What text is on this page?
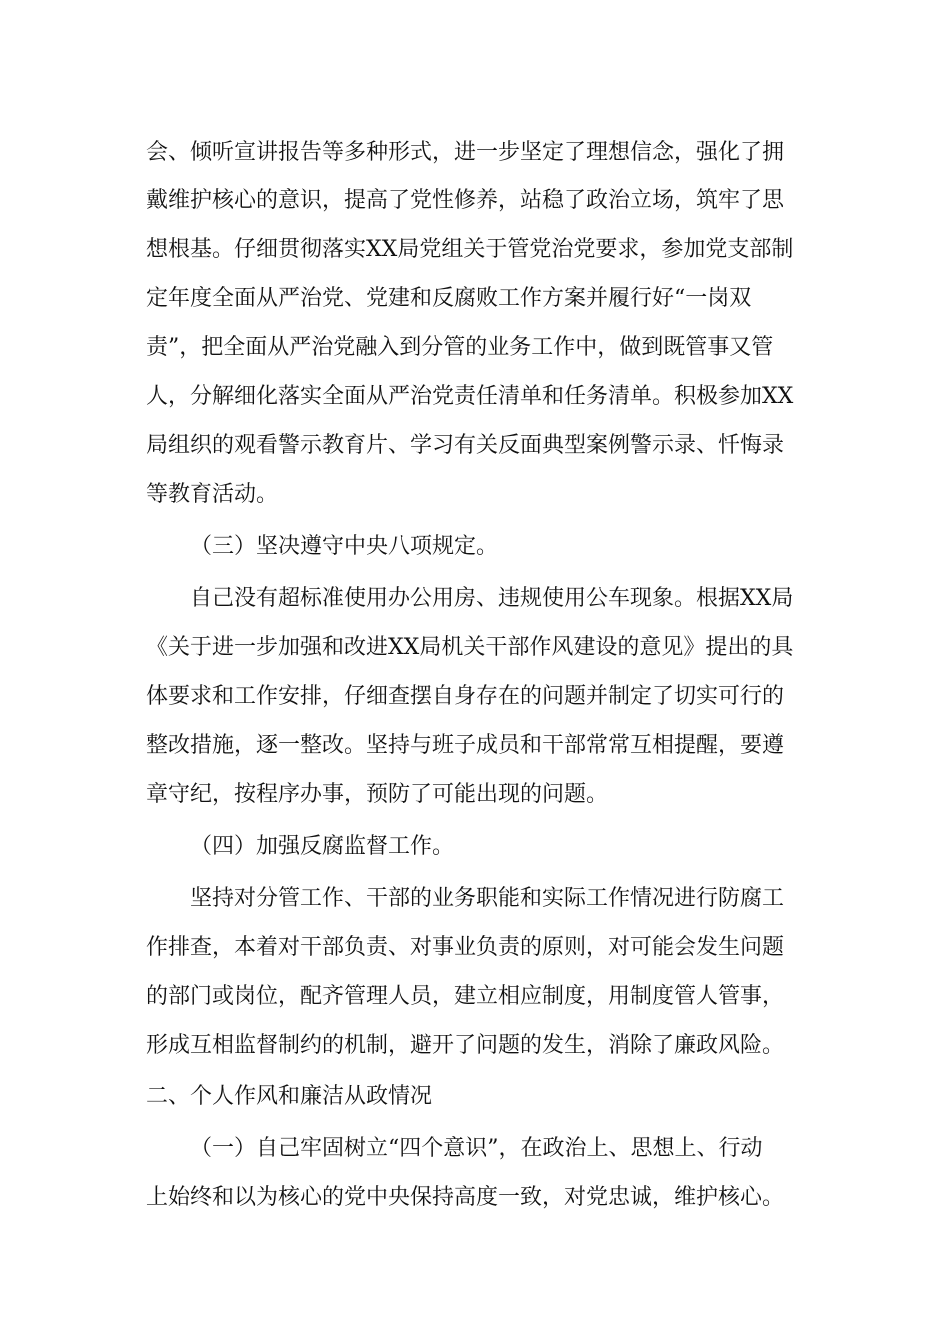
会、倾听宣讲报告等多种形式，进一步坚定了理想信念，强化了拥
戴维护核心的意识，提高了党性修养，站稳了政治立场，筑牢了思
想根基。仔细贯彻落实XX局党组关于管党治党要求，参加党支部制
定年度全面从严治党、党建和反腐败工作方案并履行好“一岗双
责”，把全面从严治党融入到分管的业务工作中，做到既管事又管
人，分解细化落实全面从严治党责任清单和任务清单。积极参加XX
局组织的观看警示教育片、学习有关反面典型案例警示录、忏悔录
等教育活动。
（三）坚决遵守中央八项规定。
自己没有超标准使用办公用房、违规使用公车现象。根据XX局
《关于进一步加强和改进XX局机关干部作风建设的意见》提出的具
体要求和工作安排，仔细查摆自身存在的问题并制定了切实可行的
整改措施，逐一整改。坚持与班子成员和干部常常互相提醒，要遵
章守纪，按程序办事，预防了可能出现的问题。
（四）加强反腐监督工作。
坚持对分管工作、干部的业务职能和实际工作情况进行防腐工
作排查，本着对干部负责、对事业负责的原则，对可能会发生问题
的部门或岗位，配齐管理人员，建立相应制度，用制度管人管事，
形成互相监督制约的机制，避开了问题的发生，消除了廉政风险。
二、个人作风和廉洁从政情况
（一）自己牢固树立“四个意识”，在政治上、思想上、行动
上始终和以为核心的党中央保持高度一致，对党忠诚，维护核心。
